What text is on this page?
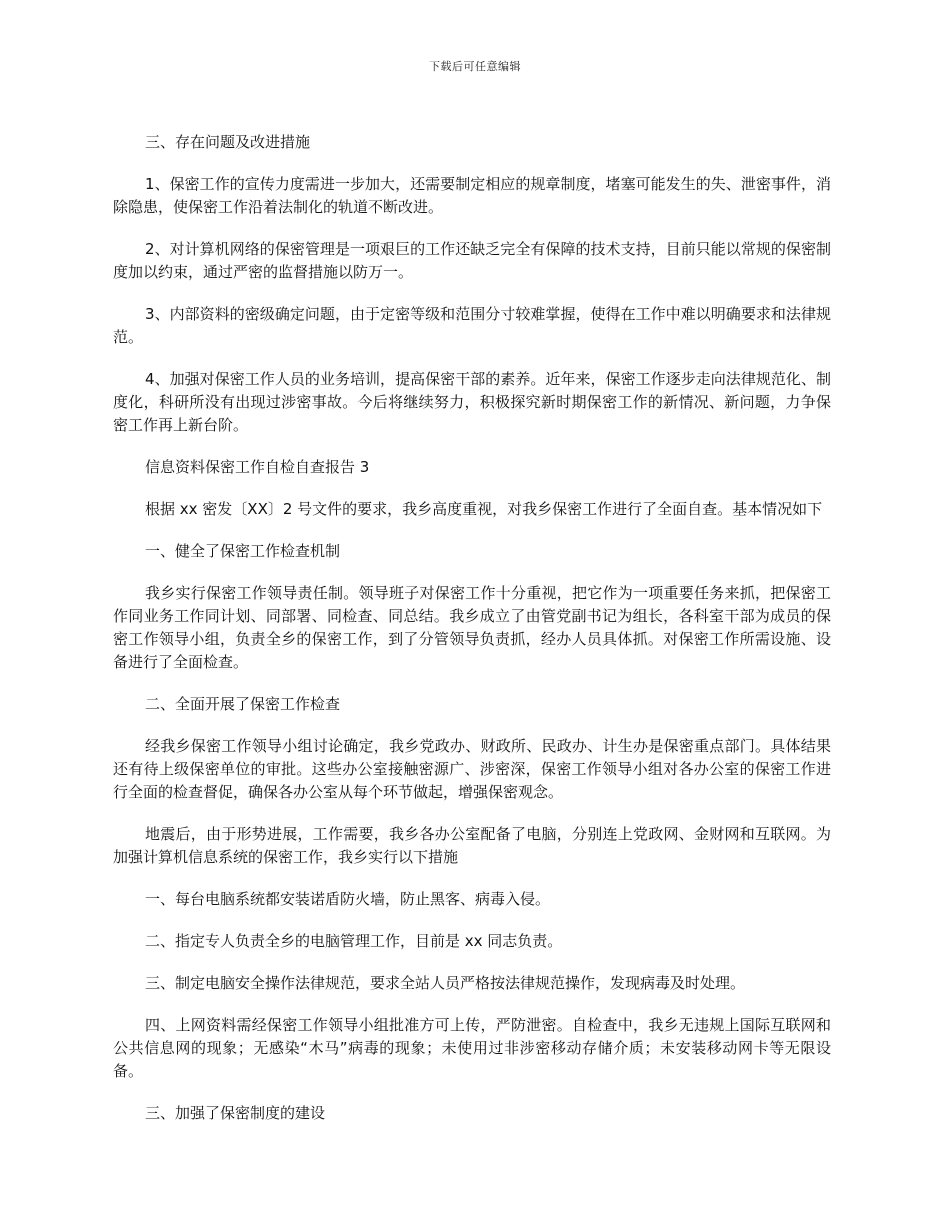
下载后可任意编辑

三、存在问题及改进措施

1、保密工作的宣传力度需进一步加大，还需要制定相应的规章制度，堵塞可能发生的失、泄密事件，消除隐患，使保密工作沿着法制化的轨道不断改进。

2、对计算机网络的保密管理是一项艰巨的工作还缺乏完全有保障的技术支持，目前只能以常规的保密制度加以约束，通过严密的监督措施以防万一。

3、内部资料的密级确定问题，由于定密等级和范围分寸较难掌握，使得在工作中难以明确要求和法律规范。

4、加强对保密工作人员的业务培训，提高保密干部的素养。近年来，保密工作逐步走向法律规范化、制度化，科研所没有出现过涉密事故。今后将继续努力，积极探究新时期保密工作的新情况、新问题，力争保密工作再上新台阶。

信息资料保密工作自检自查报告 3

根据 xx 密发〔XX〕2 号文件的要求，我乡高度重视，对我乡保密工作进行了全面自查。基本情况如下

一、健全了保密工作检查机制

我乡实行保密工作领导责任制。领导班子对保密工作十分重视，把它作为一项重要任务来抓，把保密工作同业务工作同计划、同部署、同检查、同总结。我乡成立了由管党副书记为组长，各科室干部为成员的保密工作领导小组，负责全乡的保密工作，到了分管领导负责抓，经办人员具体抓。对保密工作所需设施、设备进行了全面检查。

二、全面开展了保密工作检查

经我乡保密工作领导小组讨论确定，我乡党政办、财政所、民政办、计生办是保密重点部门。具体结果还有待上级保密单位的审批。这些办公室接触密源广、涉密深，保密工作领导小组对各办公室的保密工作进行全面的检查督促，确保各办公室从每个环节做起，增强保密观念。

地震后，由于形势进展，工作需要，我乡各办公室配备了电脑，分别连上党政网、金财网和互联网。为加强计算机信息系统的保密工作，我乡实行以下措施

一、每台电脑系统都安装诺盾防火墙，防止黑客、病毒入侵。

二、指定专人负责全乡的电脑管理工作，目前是 xx 同志负责。

三、制定电脑安全操作法律规范，要求全站人员严格按法律规范操作，发现病毒及时处理。

四、上网资料需经保密工作领导小组批准方可上传，严防泄密。自检查中，我乡无违规上国际互联网和公共信息网的现象；无感染“木马”病毒的现象；未使用过非涉密移动存储介质；未安装移动网卡等无限设备。

三、加强了保密制度的建设
